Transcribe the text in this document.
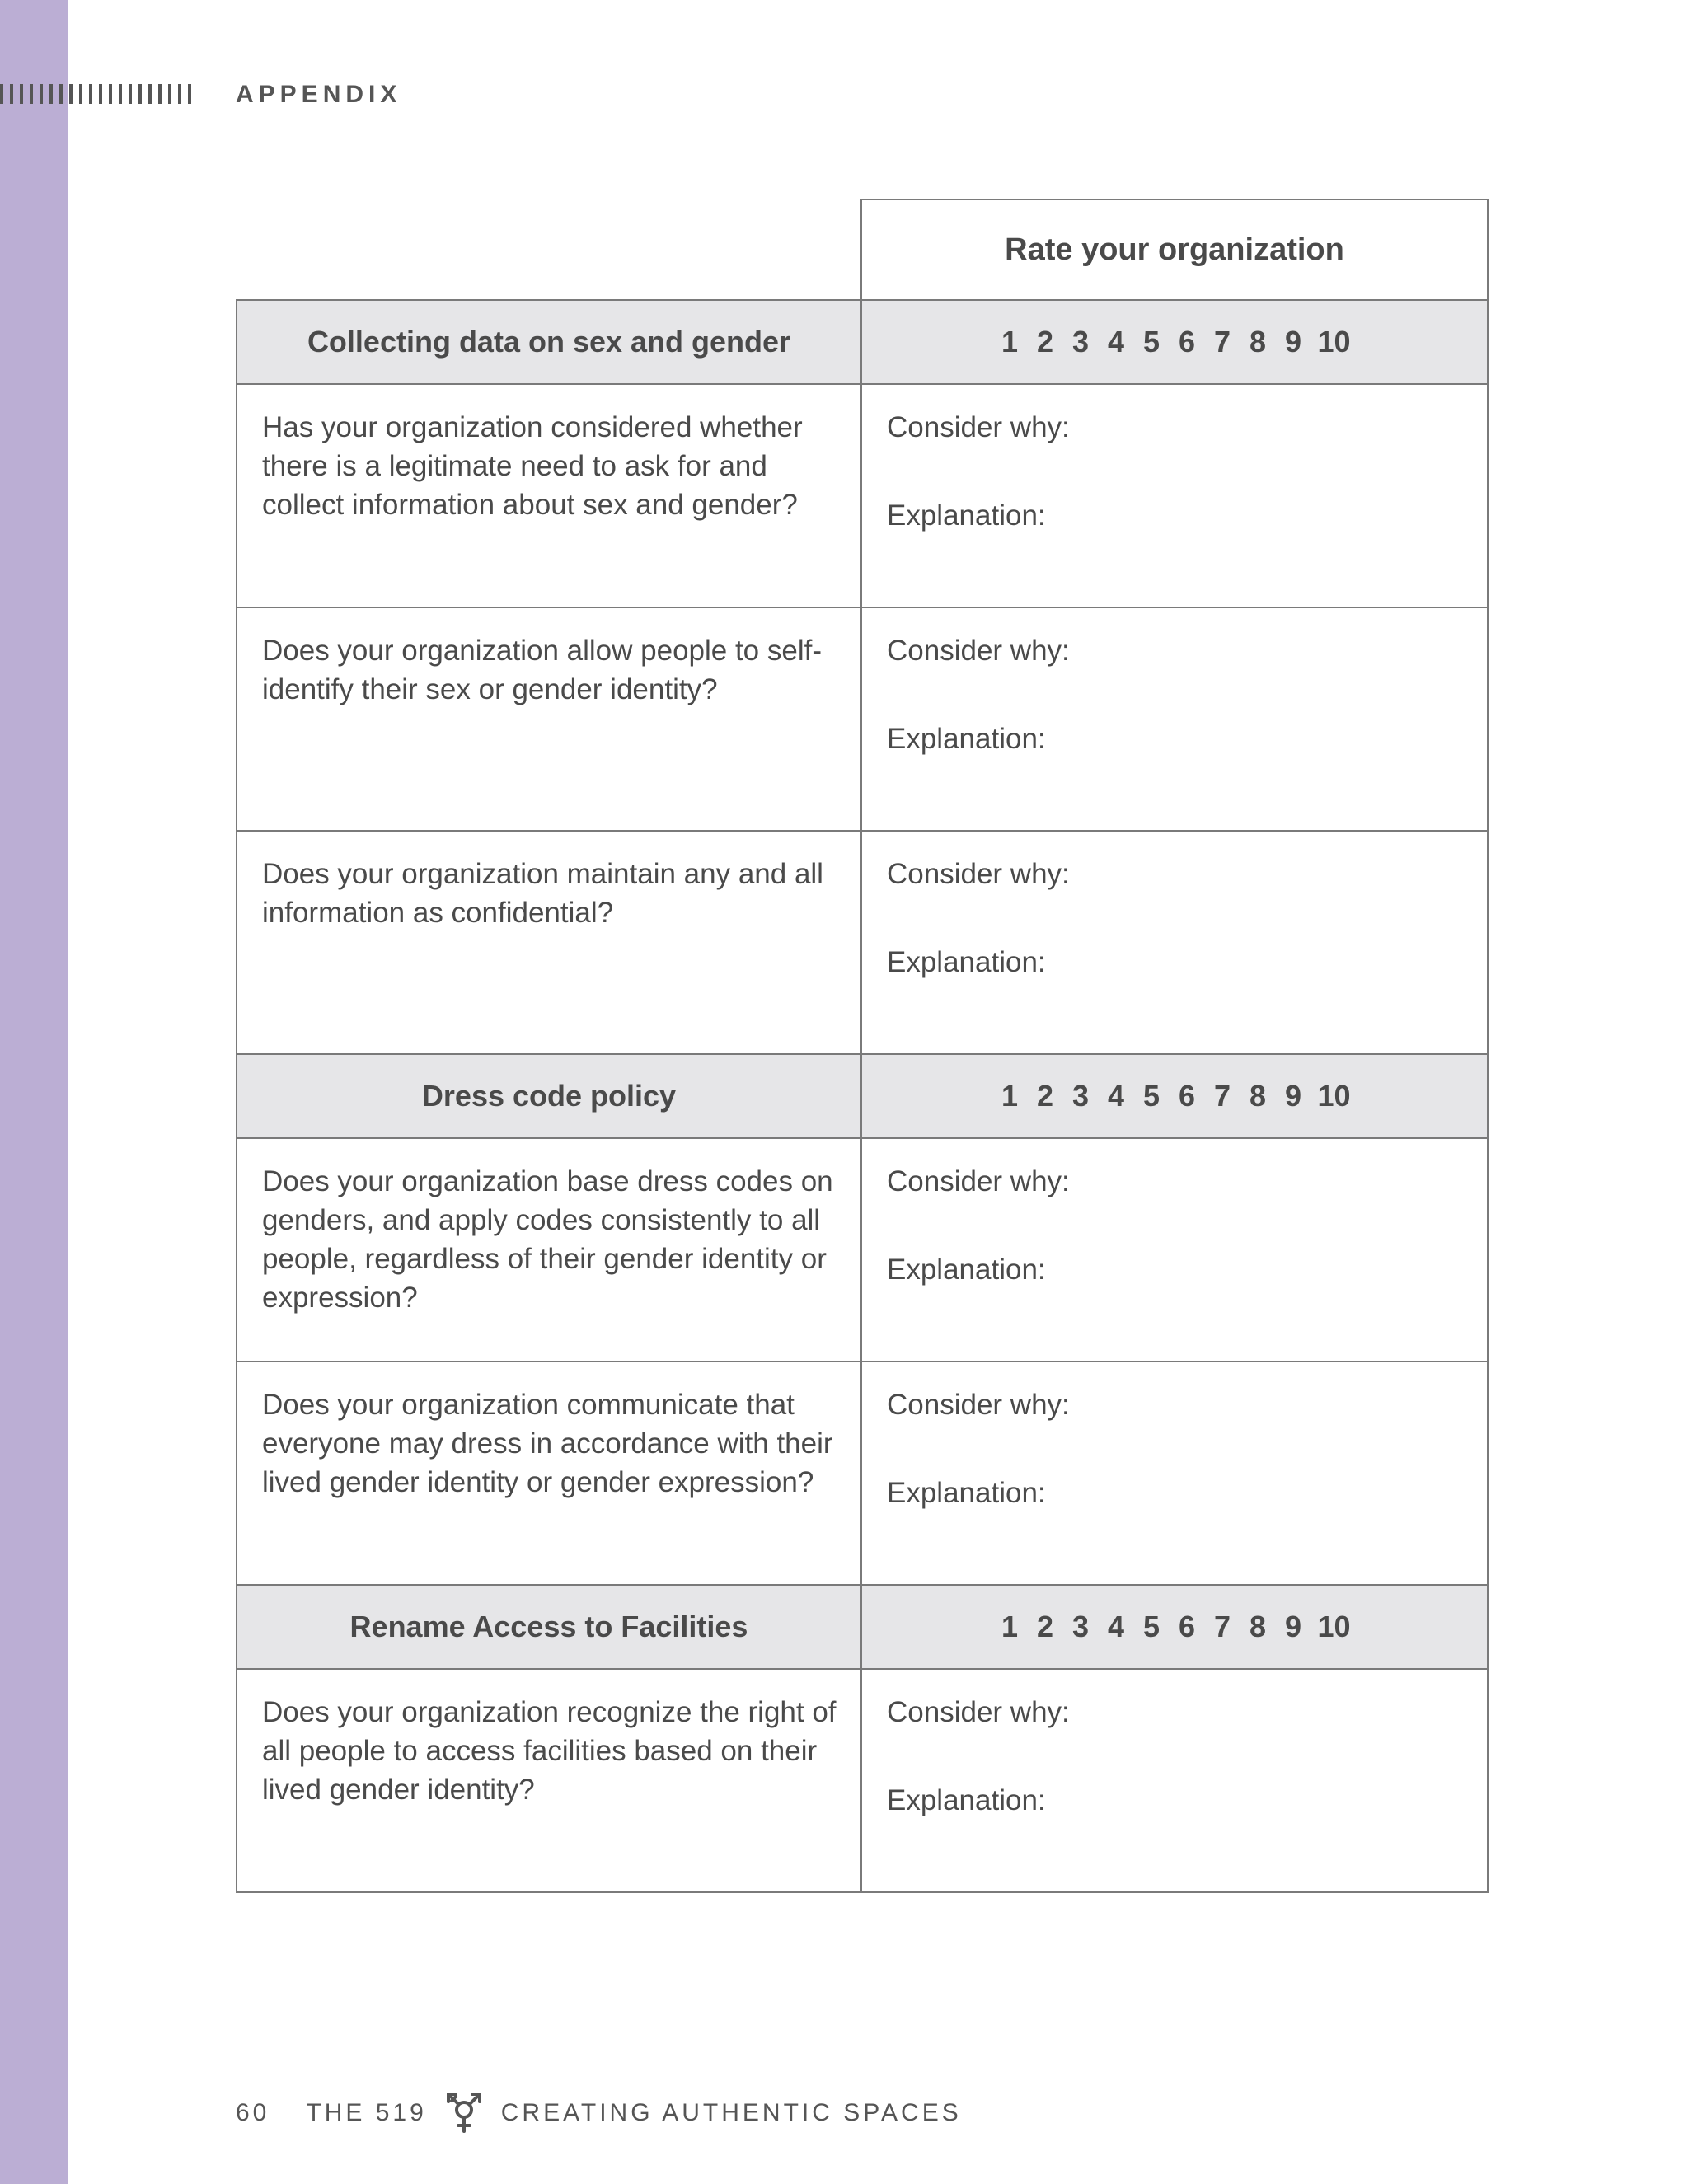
APPENDIX
Rate your organization
Collecting data on sex and gender	1 2 3 4 5 6 7 8 9 10
Has your organization considered whether there is a legitimate need to ask for and collect information about sex and gender?
Consider why:
Explanation:
Does your organization allow people to self-identify their sex or gender identity?
Consider why:
Explanation:
Does your organization maintain any and all information as confidential?
Consider why:
Explanation:
Dress code policy	1 2 3 4 5 6 7 8 9 10
Does your organization base dress codes on genders, and apply codes consistently to all people, regardless of their gender identity or expression?
Consider why:
Explanation:
Does your organization communicate that everyone may dress in accordance with their lived gender identity or gender expression?
Consider why:
Explanation:
Rename Access to Facilities	1 2 3 4 5 6 7 8 9 10
Does your organization recognize the right of all people to access facilities based on their lived gender identity?
Consider why:
Explanation:
60 THE 519	CREATING AUTHENTIC SPACES
